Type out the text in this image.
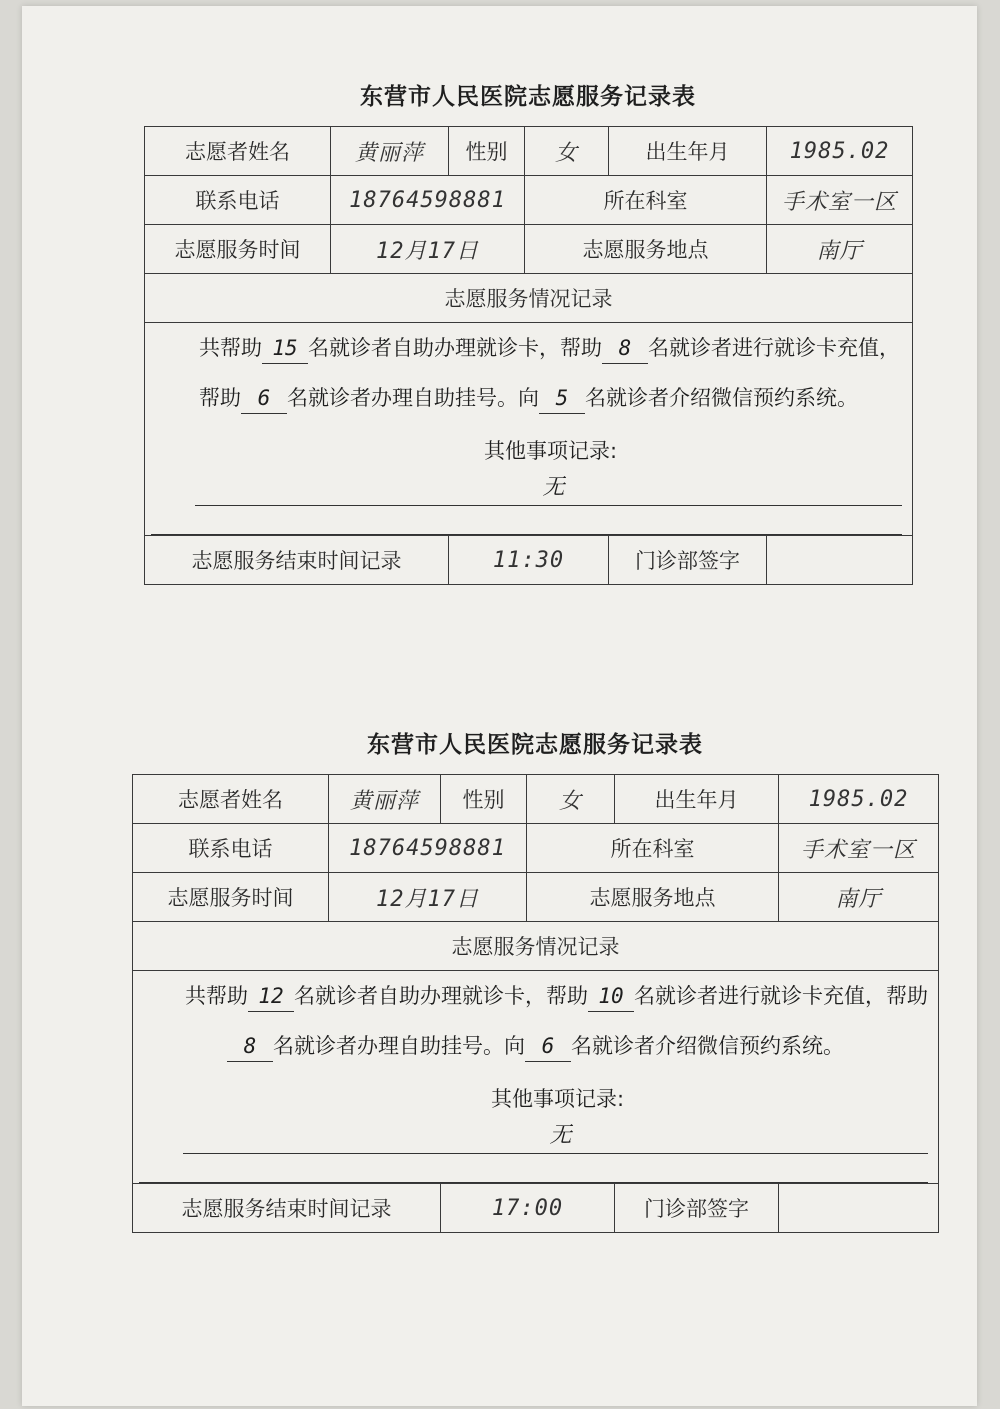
东营市人民医院志愿服务记录表
志愿者姓名	黄丽萍	性别	女	出生年月	1985.02
联系电话	18764598881		所在科室		手术室一区
志愿服务时间	12月17日		志愿服务地点		南厅
志愿服务情况记录					

共帮助 15 名就诊者自助办理就诊卡，帮助 8 名就诊者进行就诊卡充值，帮助 6 名就诊者办理自助挂号。向 5 名就诊者介绍微信预约系统。
其他事项记录:
无					

志愿服务结束时间记录		11:30		门诊部签字	
东营市人民医院志愿服务记录表
志愿者姓名	黄丽萍	性别	女	出生年月	1985.02
联系电话	18764598881		所在科室		手术室一区
志愿服务时间	12月17日		志愿服务地点		南厅
志愿服务情况记录					

共帮助 12 名就诊者自助办理就诊卡，帮助 10 名就诊者进行就诊卡充值，帮助8 名就诊者办理自助挂号。向 6 名就诊者介绍微信预约系统。
其他事项记录:
无					

志愿服务结束时间记录		17:00		门诊部签字	
